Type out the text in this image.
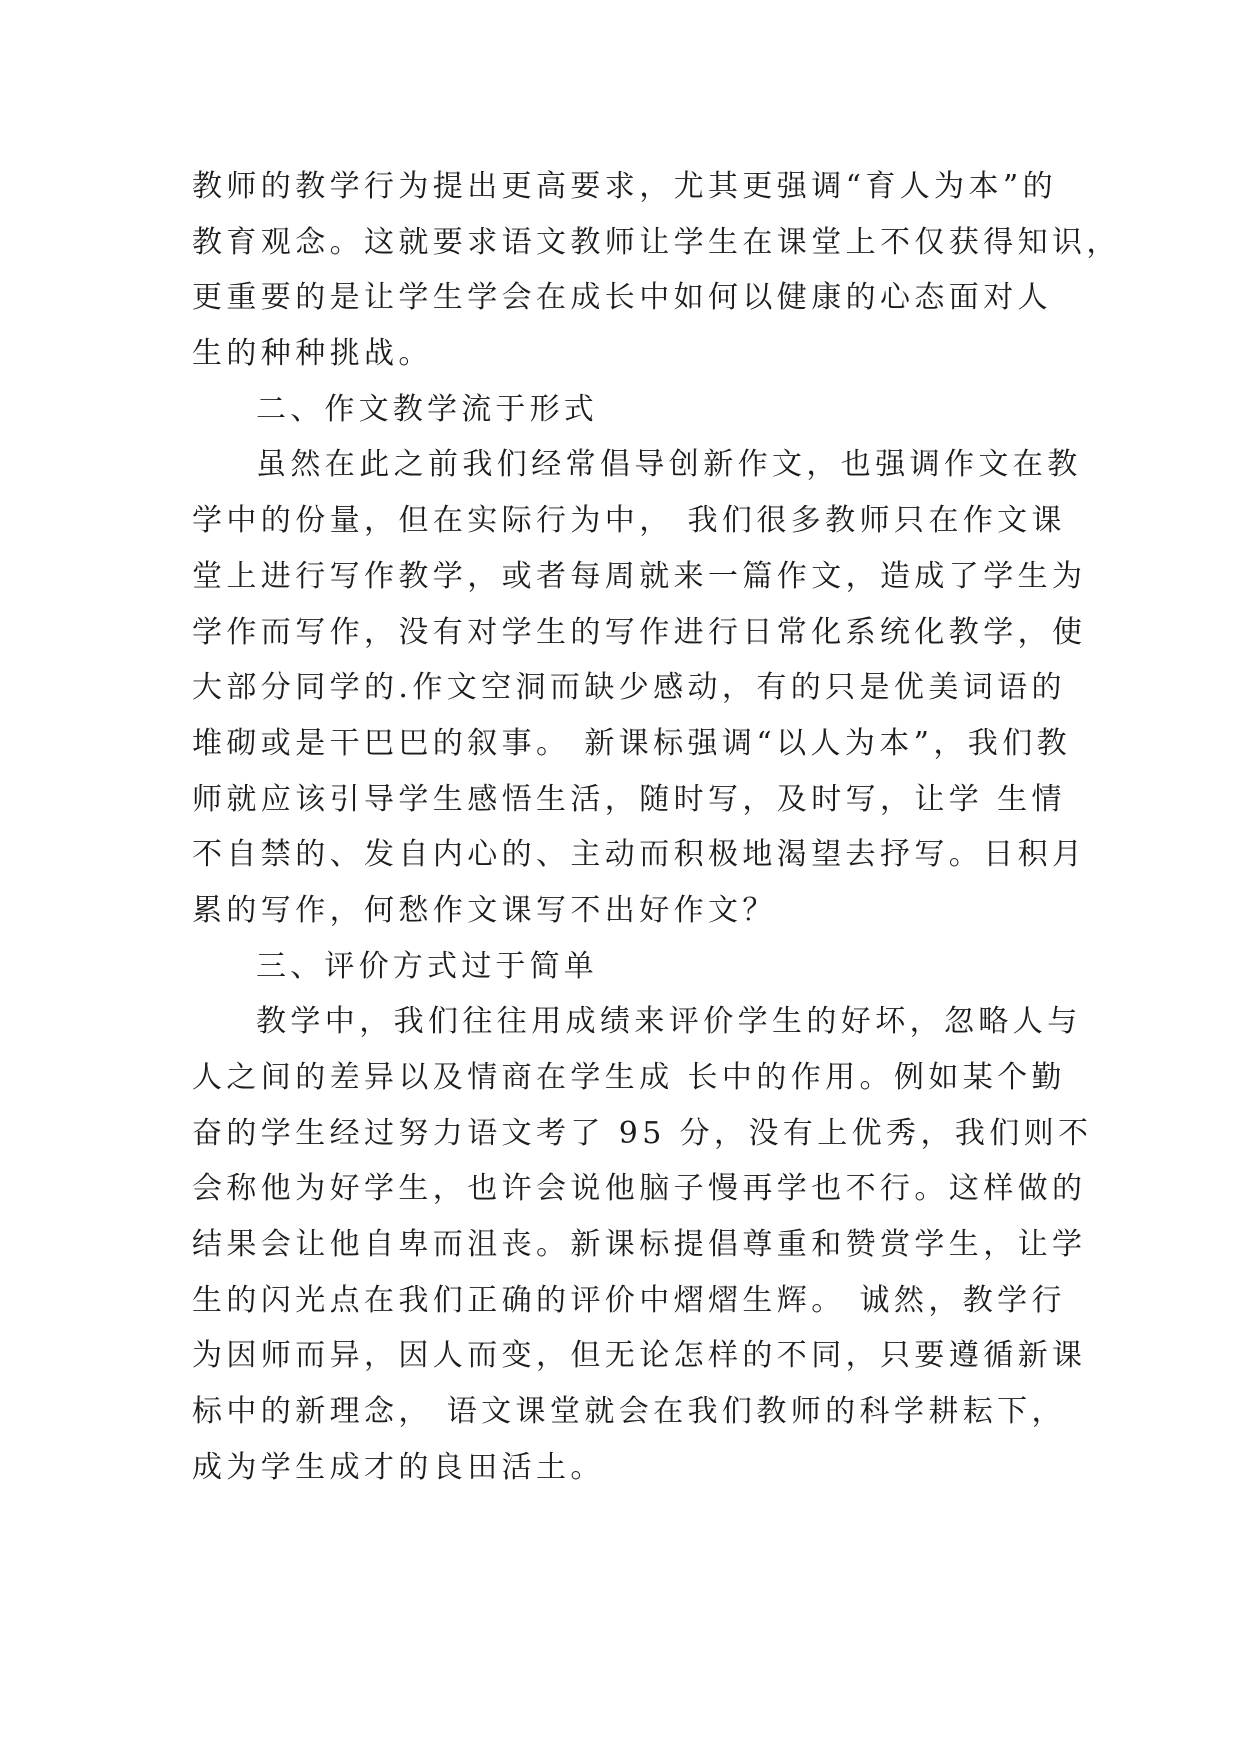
教师的教学行为提出更高要求，尤其更强调“育人为本”的
教育观念。这就要求语文教师让学生在课堂上不仅获得知识，
更重要的是让学生学会在成长中如何以健康的心态面对人
生的种种挑战。
二、作文教学流于形式
虽然在此之前我们经常倡导创新作文，也强调作文在教
学中的份量，但在实际行为中， 我们很多教师只在作文课
堂上进行写作教学，或者每周就来一篇作文，造成了学生为
学作而写作，没有对学生的写作进行日常化系统化教学，使
大部分同学的.作文空洞而缺少感动，有的只是优美词语的
堆砌或是干巴巴的叙事。 新课标强调“以人为本”，我们教
师就应该引导学生感悟生活，随时写，及时写，让学 生情
不自禁的、发自内心的、主动而积极地渴望去抒写。日积月
累的写作，何愁作文课写不出好作文？
三、评价方式过于简单
教学中，我们往往用成绩来评价学生的好坏，忽略人与
人之间的差异以及情商在学生成 长中的作用。例如某个勤
奋的学生经过努力语文考了 95 分，没有上优秀，我们则不
会称他为好学生，也许会说他脑子慢再学也不行。这样做的
结果会让他自卑而沮丧。新课标提倡尊重和赞赏学生，让学
生的闪光点在我们正确的评价中熠熠生辉。 诚然，教学行
为因师而异，因人而变，但无论怎样的不同，只要遵循新课
标中的新理念， 语文课堂就会在我们教师的科学耕耘下，
成为学生成才的良田活土。
